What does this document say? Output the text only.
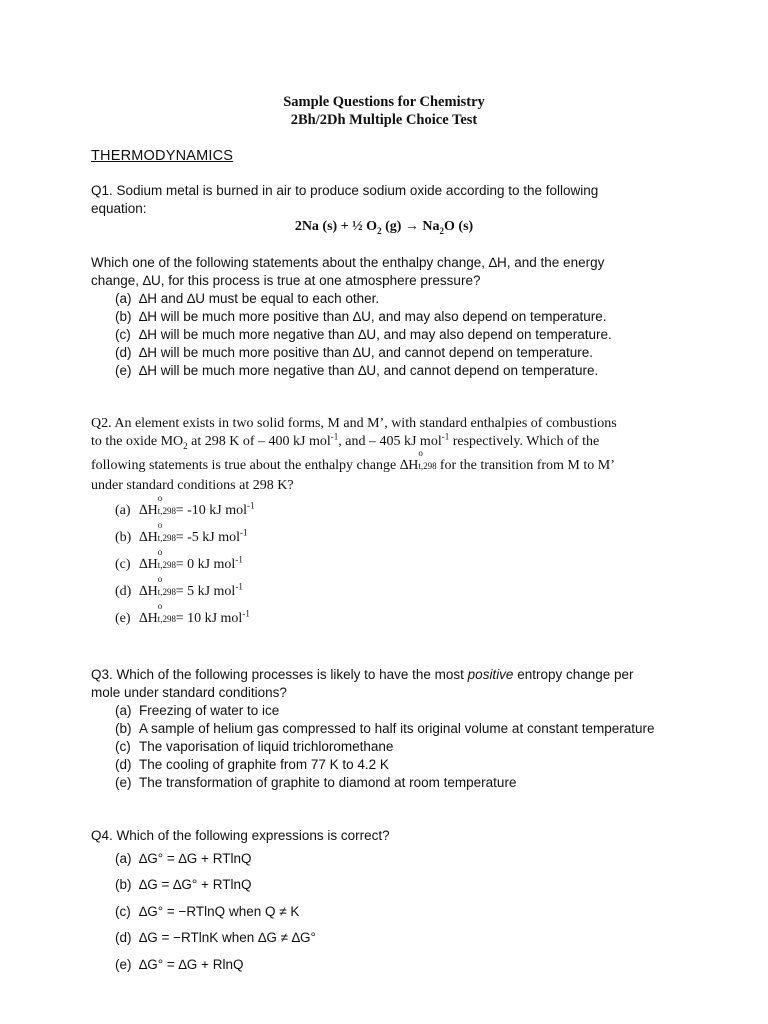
Sample Questions for Chemistry
2Bh/2Dh Multiple Choice Test
THERMODYNAMICS
Q1. Sodium metal is burned in air to produce sodium oxide according to the following
equation:
2Na (s) + ½ $O_2$ $(g) \to Na_2O$ (s)
Which one of the following statements about the enthalpy change, ∆H, and the energy
change, ∆U, for this process is true at one atmosphere pressure?
(a) ∆H and ∆U must be equal to each other.
(b) ∆H will be much more positive than ∆U, and may also depend on temperature.
(c) ∆H will be much more negative than ∆U, and may also depend on temperature.
(d) ∆H will be much more positive than ∆U, and cannot depend on temperature.
(e) ∆H will be much more negative than ∆U, and cannot depend on temperature.
Q2. An element exists in two solid forms, M and M’, with standard enthalpies of combustions
to the oxide $MO_2$ at 298 K of – 400 kJ mol$^{-1}$, and – 405 kJ mol$^{-1}$ respectively. Which of the
following statements is true about the enthalpy change ∆H
o
t,298 for the transition from M to M’
under standard conditions at 298 K?
(a) ∆H
o
t,298 = -10 kJ mol$^{-1}$
(b) ∆H
o
t,298 = -5 kJ mol$^{-1}$
(c) ∆H
o
t,298 = 0 kJ mol$^{-1}$
(d) ∆H
o
t,298 = 5 kJ mol$^{-1}$
(e) ∆H
o
t,298 = 10 kJ mol$^{-1}$
Q3. Which of the following processes is likely to have the most positive entropy change per
mole under standard conditions?
(a) Freezing of water to ice
(b) A sample of helium gas compressed to half its original volume at constant temperature
(c) The vaporisation of liquid trichloromethane
(d) The cooling of graphite from 77 K to 4.2 K
(e) The transformation of graphite to diamond at room temperature
Q4. Which of the following expressions is correct?
(a) ∆G° = ∆G + RTlnQ
(b) ∆G = ∆G° + RTlnQ
(c) ∆G° = −RTlnQ when Q ≠ K
(d) ∆G = −RTlnK when ∆G ≠ ∆G°
(e) ∆G° = ∆G + RlnQ
